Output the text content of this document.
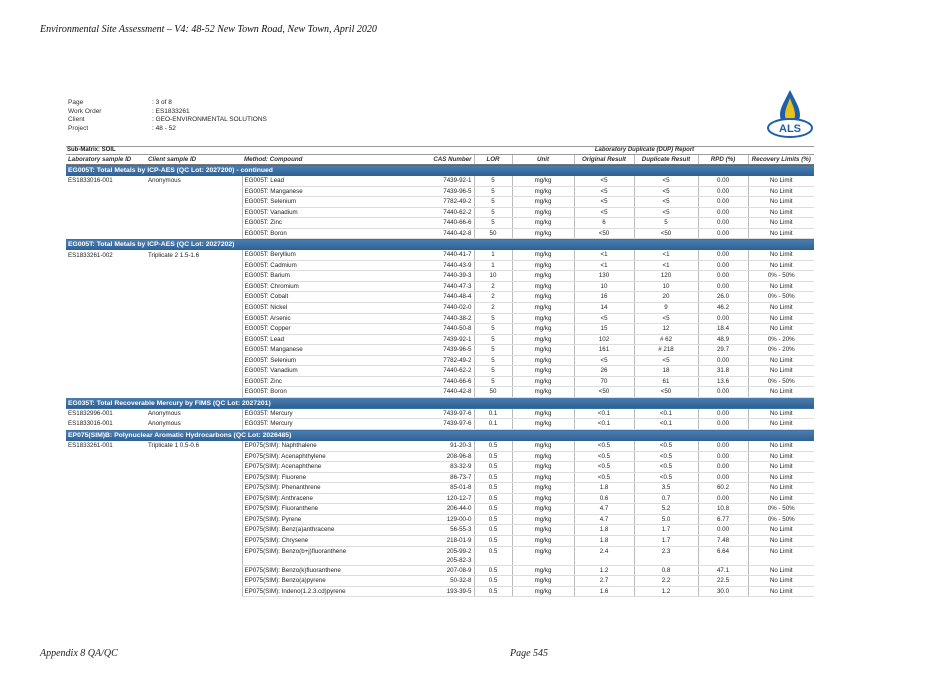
Environmental Site Assessment – V4: 48-52 New Town Road, New Town, April 2020
Page	: 3 of 8
Work Order	: ES1833261
Client	: GEO-ENVIRONMENTAL SOLUTIONS
Project	: 48 - 52	ALS
Sub-Matrix: SOIL	Laboratory Duplicate (DUP) Report
Laboratory sample ID	Client sample ID	Method: Compound	CAS Number	LOR	Unit	Original Result	Duplicate Result	RPD (%)	Recovery Limits (%)
EG005T: Total Metals by ICP-AES (QC Lot: 2027200) - continued									
ES1833016-001	Anonymous	EG005T: Lead	7439-92-1	5	mg/kg	<5	<5	0.00	No Limit
		EG005T: Manganese	7439-96-5	5	mg/kg	<5	<5	0.00	No Limit
		EG005T: Selenium	7782-49-2	5	mg/kg	<5	<5	0.00	No Limit
		EG005T: Vanadium	7440-62-2	5	mg/kg	<5	<5	0.00	No Limit
		EG005T: Zinc	7440-66-6	5	mg/kg	6	5	0.00	No Limit
		EG005T: Boron	7440-42-8	50	mg/kg	<50	<50	0.00	No Limit
EG005T: Total Metals by ICP-AES (QC Lot: 2027202)									
ES1833261-002	Triplicate 2 1.5-1.6	EG005T: Beryllium	7440-41-7	1	mg/kg	<1	<1	0.00	No Limit
		EG005T: Cadmium	7440-43-9	1	mg/kg	<1	<1	0.00	No Limit
		EG005T: Barium	7440-39-3	10	mg/kg	130	120	0.00	0% - 50%
		EG005T: Chromium	7440-47-3	2	mg/kg	10	10	0.00	No Limit
		EG005T: Cobalt	7440-48-4	2	mg/kg	16	20	26.0	0% - 50%
		EG005T: Nickel	7440-02-0	2	mg/kg	14	9	46.2	No Limit
		EG005T: Arsenic	7440-38-2	5	mg/kg	<5	<5	0.00	No Limit
		EG005T: Copper	7440-50-8	5	mg/kg	15	12	18.4	No Limit
		EG005T: Lead	7439-92-1	5	mg/kg	102	# 62	48.9	0% - 20%
		EG005T: Manganese	7439-96-5	5	mg/kg	161	# 218	29.7	0% - 20%
		EG005T: Selenium	7782-49-2	5	mg/kg	<5	<5	0.00	No Limit
		EG005T: Vanadium	7440-62-2	5	mg/kg	26	18	31.8	No Limit
		EG005T: Zinc	7440-66-6	5	mg/kg	70	61	13.6	0% - 50%
		EG005T: Boron	7440-42-8	50	mg/kg	<50	<50	0.00	No Limit
EG035T: Total Recoverable Mercury by FIMS (QC Lot: 2027201)									
ES1832996-001	Anonymous	EG035T: Mercury	7439-97-6	0.1	mg/kg	<0.1	<0.1	0.00	No Limit
ES1833016-001	Anonymous	EG035T: Mercury	7439-97-6	0.1	mg/kg	<0.1	<0.1	0.00	No Limit
EP075(SIM)B: Polynuclear Aromatic Hydrocarbons (QC Lot: 2026485)									
ES1833261-001	Triplicate 1 0.5-0.6	EP075(SIM): Naphthalene	91-20-3	0.5	mg/kg	<0.5	<0.5	0.00	No Limit
		EP075(SIM): Acenaphthylene	208-96-8	0.5	mg/kg	<0.5	<0.5	0.00	No Limit
		EP075(SIM): Acenaphthene	83-32-9	0.5	mg/kg	<0.5	<0.5	0.00	No Limit
		EP075(SIM): Fluorene	86-73-7	0.5	mg/kg	<0.5	<0.5	0.00	No Limit
		EP075(SIM): Phenanthrene	85-01-8	0.5	mg/kg	1.8	3.5	60.2	No Limit
		EP075(SIM): Anthracene	120-12-7	0.5	mg/kg	0.6	0.7	0.00	No Limit
		EP075(SIM): Fluoranthene	206-44-0	0.5	mg/kg	4.7	5.2	10.8	0% - 50%
		EP075(SIM): Pyrene	129-00-0	0.5	mg/kg	4.7	5.0	6.77	0% - 50%
		EP075(SIM): Benz(a)anthracene	56-55-3	0.5	mg/kg	1.8	1.7	0.00	No Limit
		EP075(SIM): Chrysene	218-01-9	0.5	mg/kg	1.8	1.7	7.48	No Limit
		EP075(SIM): Benzo(b+j)fluoranthene	205-99-2
205-82-3	0.5	mg/kg	2.4	2.3	6.64	No Limit
		EP075(SIM): Benzo(k)fluoranthene	207-08-9	0.5	mg/kg	1.2	0.8	47.1	No Limit
		EP075(SIM): Benzo(a)pyrene	50-32-8	0.5	mg/kg	2.7	2.2	22.5	No Limit
		EP075(SIM): Indeno(1.2.3.cd)pyrene	193-39-5	0.5	mg/kg	1.6	1.2	30.0	No Limit
Appendix 8 QA/QC	Page 545
